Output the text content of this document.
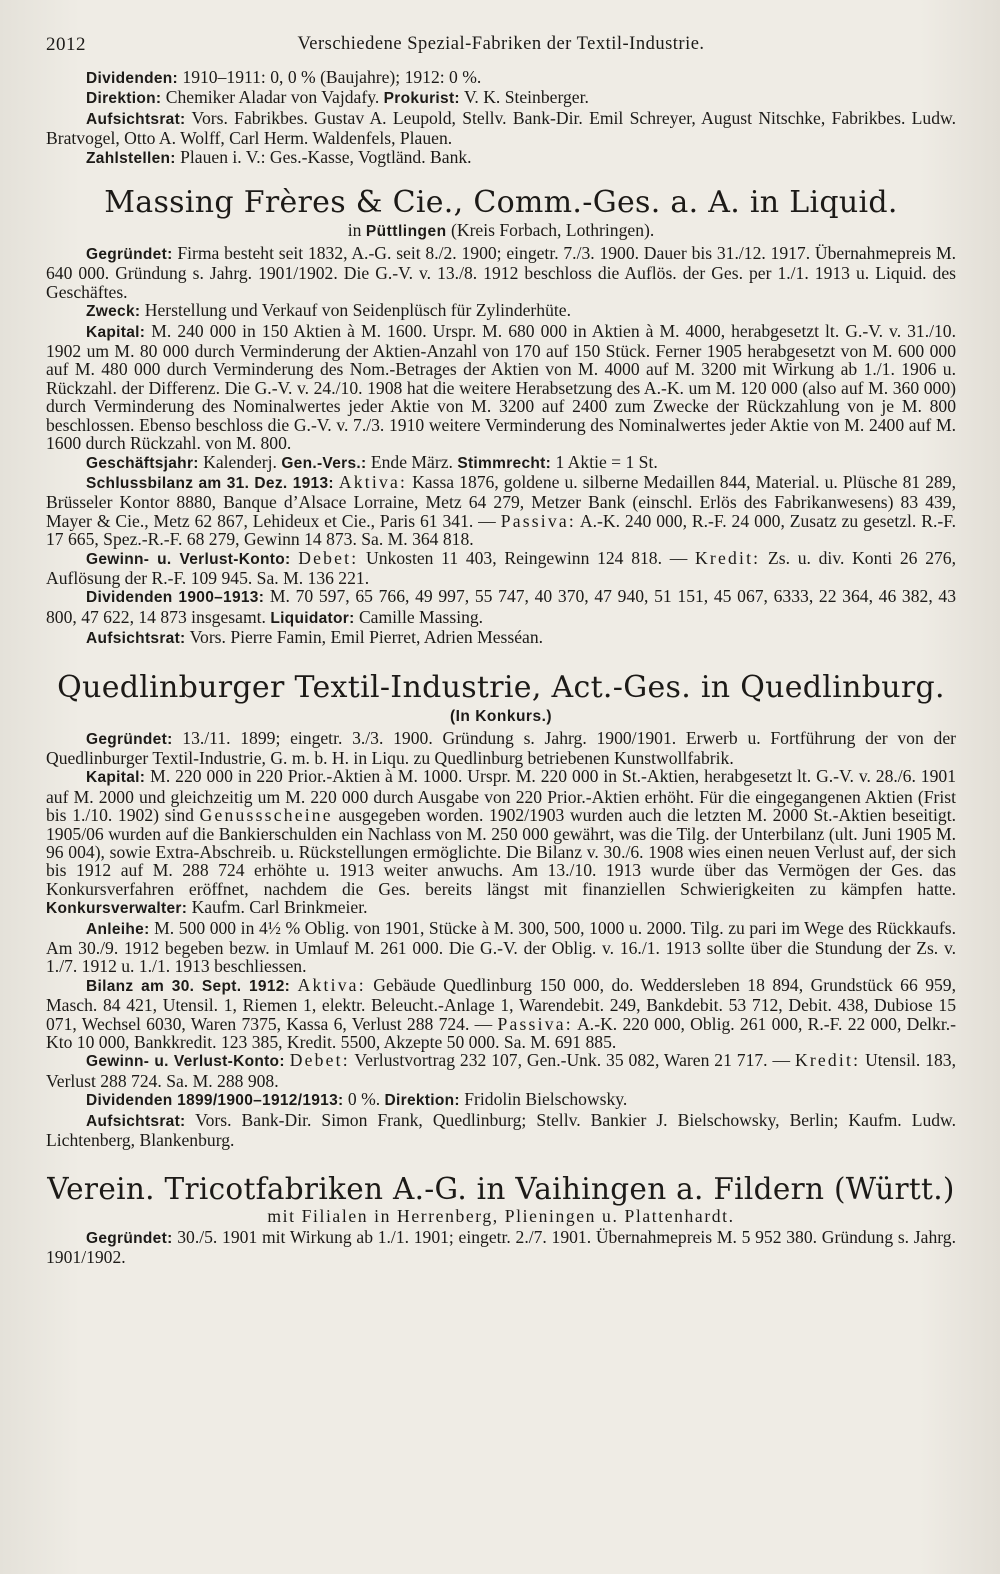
2012	Verschiedene Spezial-Fabriken der Textil-Industrie.

Dividenden: 1910–1911: 0, 0 % (Baujahre); 1912: 0 %.

Direktion: Chemiker Aladar von Vajdafy. Prokurist: V. K. Steinberger.

Aufsichtsrat: Vors. Fabrikbes. Gustav A. Leupold, Stellv. Bank-Dir. Emil Schreyer, August Nitschke, Fabrikbes. Ludw. Bratvogel, Otto A. Wolff, Carl Herm. Waldenfels, Plauen.

Zahlstellen: Plauen i. V.: Ges.-Kasse, Vogtländ. Bank.

Massing Frères & Cie., Comm.-Ges. a. A. in Liquid.

in Püttlingen (Kreis Forbach, Lothringen).

Gegründet: Firma besteht seit 1832, A.-G. seit 8./2. 1900; eingetr. 7./3. 1900. Dauer bis 31./12. 1917. Übernahmepreis M. 640 000. Gründung s. Jahrg. 1901/1902. Die G.-V. v. 13./8. 1912 beschloss die Auflös. der Ges. per 1./1. 1913 u. Liquid. des Geschäftes.

Zweck: Herstellung und Verkauf von Seidenplüsch für Zylinderhüte.

Kapital: M. 240 000 in 150 Aktien à M. 1600. Urspr. M. 680 000 in Aktien à M. 4000, herabgesetzt lt. G.-V. v. 31./10. 1902 um M. 80 000 durch Verminderung der Aktien-Anzahl von 170 auf 150 Stück. Ferner 1905 herabgesetzt von M. 600 000 auf M. 480 000 durch Verminderung des Nom.-Betrages der Aktien von M. 4000 auf M. 3200 mit Wirkung ab 1./1. 1906 u. Rückzahl. der Differenz. Die G.-V. v. 24./10. 1908 hat die weitere Herabsetzung des A.-K. um M. 120 000 (also auf M. 360 000) durch Verminderung des Nominalwertes jeder Aktie von M. 3200 auf 2400 zum Zwecke der Rückzahlung von je M. 800 beschlossen. Ebenso beschloss die G.-V. v. 7./3. 1910 weitere Verminderung des Nominalwertes jeder Aktie von M. 2400 auf M. 1600 durch Rückzahl. von M. 800.

Geschäftsjahr: Kalenderj. Gen.-Vers.: Ende März. Stimmrecht: 1 Aktie = 1 St.

Schlussbilanz am 31. Dez. 1913: Aktiva: Kassa 1876, goldene u. silberne Medaillen 844, Material. u. Plüsche 81 289, Brüsseler Kontor 8880, Banque d’Alsace Lorraine, Metz 64 279, Metzer Bank (einschl. Erlös des Fabrikanwesens) 83 439, Mayer & Cie., Metz 62 867, Lehideux et Cie., Paris 61 341. — Passiva: A.-K. 240 000, R.-F. 24 000, Zusatz zu gesetzl. R.-F. 17 665, Spez.-R.-F. 68 279, Gewinn 14 873. Sa. M. 364 818.

Gewinn- u. Verlust-Konto: Debet: Unkosten 11 403, Reingewinn 124 818. — Kredit: Zs. u. div. Konti 26 276, Auflösung der R.-F. 109 945. Sa. M. 136 221.

Dividenden 1900–1913: M. 70 597, 65 766, 49 997, 55 747, 40 370, 47 940, 51 151, 45 067, 6333, 22 364, 46 382, 43 800, 47 622, 14 873 insgesamt. Liquidator: Camille Massing.

Aufsichtsrat: Vors. Pierre Famin, Emil Pierret, Adrien Messéan.

Quedlinburger Textil-Industrie, Act.-Ges. in Quedlinburg.

(In Konkurs.)

Gegründet: 13./11. 1899; eingetr. 3./3. 1900. Gründung s. Jahrg. 1900/1901. Erwerb u. Fortführung der von der Quedlinburger Textil-Industrie, G. m. b. H. in Liqu. zu Quedlinburg betriebenen Kunstwollfabrik.

Kapital: M. 220 000 in 220 Prior.-Aktien à M. 1000. Urspr. M. 220 000 in St.-Aktien, herabgesetzt lt. G.-V. v. 28./6. 1901 auf M. 2000 und gleichzeitig um M. 220 000 durch Ausgabe von 220 Prior.-Aktien erhöht. Für die eingegangenen Aktien (Frist bis 1./10. 1902) sind Genussscheine ausgegeben worden. 1902/1903 wurden auch die letzten M. 2000 St.-Aktien beseitigt. 1905/06 wurden auf die Bankierschulden ein Nachlass von M. 250 000 gewährt, was die Tilg. der Unterbilanz (ult. Juni 1905 M. 96 004), sowie Extra-Abschreib. u. Rückstellungen ermöglichte. Die Bilanz v. 30./6. 1908 wies einen neuen Verlust auf, der sich bis 1912 auf M. 288 724 erhöhte u. 1913 weiter anwuchs. Am 13./10. 1913 wurde über das Vermögen der Ges. das Konkursverfahren eröffnet, nachdem die Ges. bereits längst mit finanziellen Schwierigkeiten zu kämpfen hatte. Konkursverwalter: Kaufm. Carl Brinkmeier.

Anleihe: M. 500 000 in 4½ % Oblig. von 1901, Stücke à M. 300, 500, 1000 u. 2000. Tilg. zu pari im Wege des Rückkaufs. Am 30./9. 1912 begeben bezw. in Umlauf M. 261 000. Die G.-V. der Oblig. v. 16./1. 1913 sollte über die Stundung der Zs. v. 1./7. 1912 u. 1./1. 1913 beschliessen.

Bilanz am 30. Sept. 1912: Aktiva: Gebäude Quedlinburg 150 000, do. Weddersleben 18 894, Grundstück 66 959, Masch. 84 421, Utensil. 1, Riemen 1, elektr. Beleucht.-Anlage 1, Warendebit. 249, Bankdebit. 53 712, Debit. 438, Dubiose 15 071, Wechsel 6030, Waren 7375, Kassa 6, Verlust 288 724. — Passiva: A.-K. 220 000, Oblig. 261 000, R.-F. 22 000, Delkr.-Kto 10 000, Bankkredit. 123 385, Kredit. 5500, Akzepte 50 000. Sa. M. 691 885.

Gewinn- u. Verlust-Konto: Debet: Verlustvortrag 232 107, Gen.-Unk. 35 082, Waren 21 717. — Kredit: Utensil. 183, Verlust 288 724. Sa. M. 288 908.

Dividenden 1899/1900–1912/1913: 0 %. Direktion: Fridolin Bielschowsky.

Aufsichtsrat: Vors. Bank-Dir. Simon Frank, Quedlinburg; Stellv. Bankier J. Bielschowsky, Berlin; Kaufm. Ludw. Lichtenberg, Blankenburg.

Verein. Tricotfabriken A.-G. in Vaihingen a. Fildern (Württ.)

mit Filialen in Herrenberg, Plieningen u. Plattenhardt.

Gegründet: 30./5. 1901 mit Wirkung ab 1./1. 1901; eingetr. 2./7. 1901. Übernahmepreis M. 5 952 380. Gründung s. Jahrg. 1901/1902.
